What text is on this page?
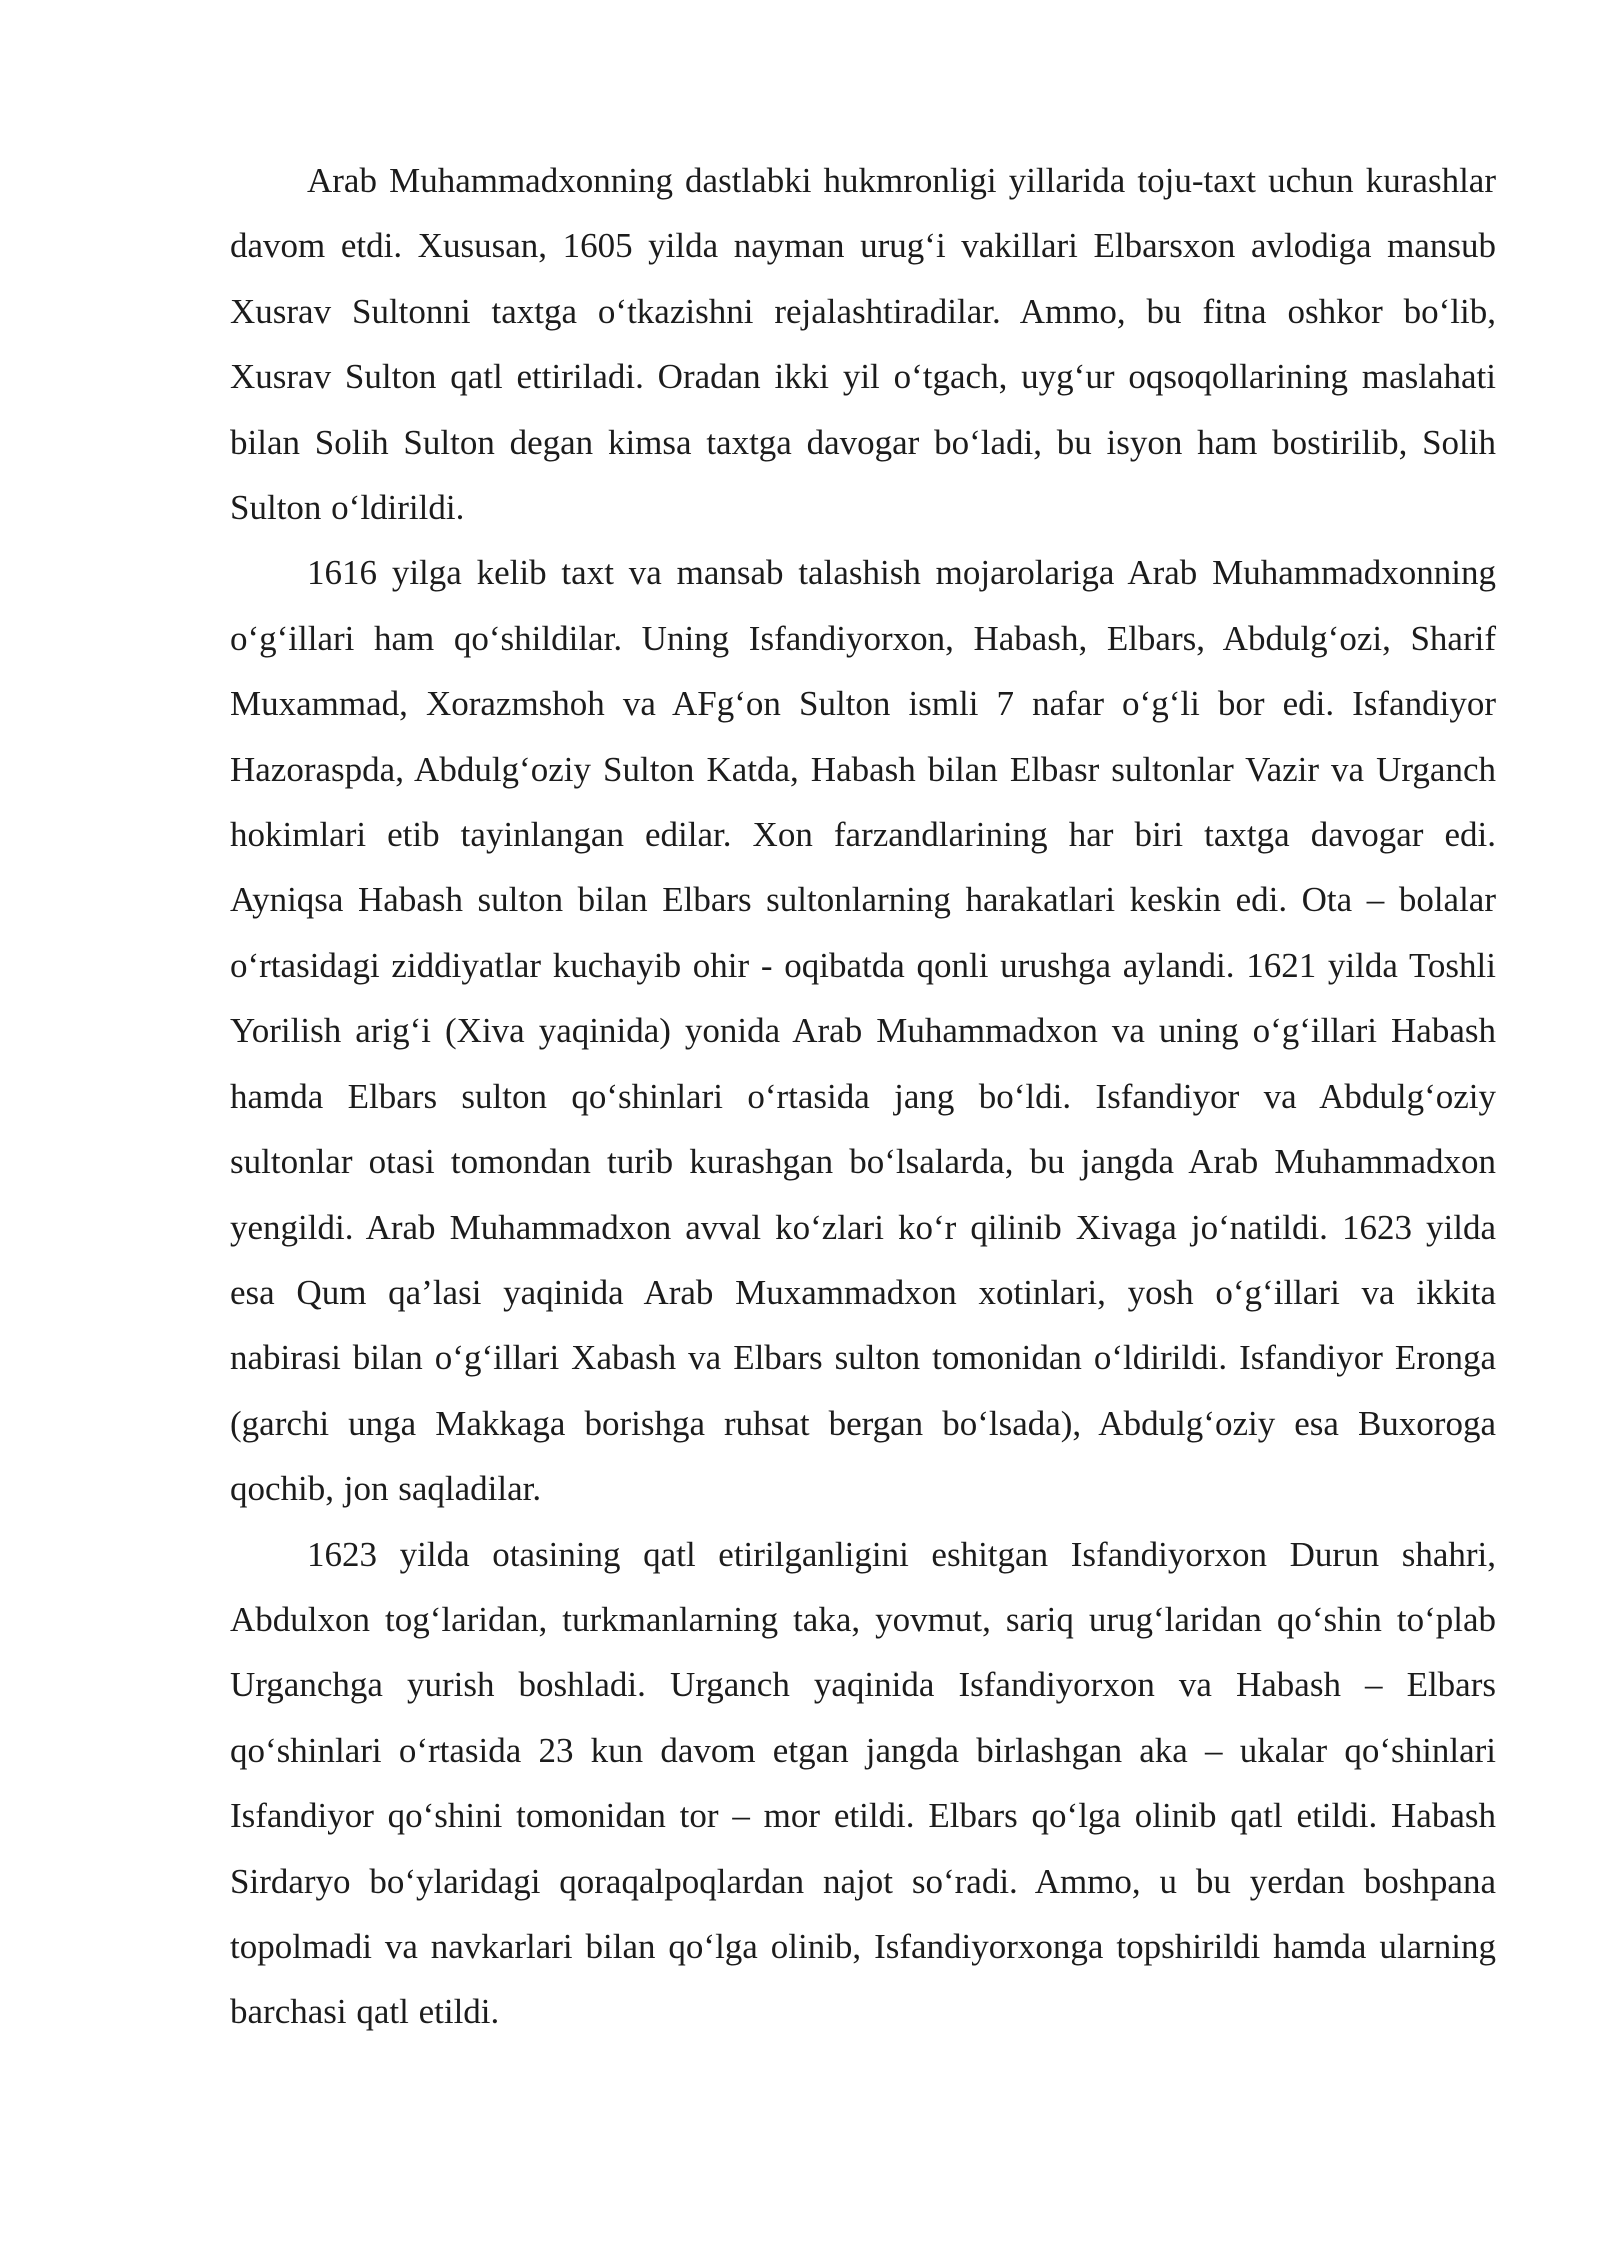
Arab Muhammadxonning dastlabki hukmronligi yillarida toju-taxt uchun kurashlar davom etdi. Xususan, 1605 yilda nayman urug‘i vakillari Elbarsxon avlodiga mansub Xusrav Sultonni taxtga o‘tkazishni rejalashtiradilar. Ammo, bu fitna oshkor bo‘lib, Xusrav Sulton qatl ettiriladi. Oradan ikki yil o‘tgach, uyg‘ur oqsoqollarining maslahati bilan Solih Sulton degan kimsa taxtga davogar bo‘ladi, bu isyon ham bostirilib, Solih Sulton o‘ldirildi.

1616 yilga kelib taxt va mansab talashish mojarolariga Arab Muhammadxonning o‘g‘illari ham qo‘shildilar. Uning Isfandiyorxon, Habash, Elbars, Abdulg‘ozi, Sharif Muxammad, Xorazmshoh va AFg‘on Sulton ismli 7 nafar o‘g‘li bor edi. Isfandiyor Hazoraspda, Abdulg‘oziy Sulton Katda, Habash bilan Elbasr sultonlar Vazir va Urganch hokimlari etib tayinlangan edilar. Xon farzandlarining har biri taxtga davogar edi. Ayniqsa Habash sulton bilan Elbars sultonlarning harakatlari keskin edi. Ota – bolalar o‘rtasidagi ziddiyatlar kuchayib ohir - oqibatda qonli urushga aylandi. 1621 yilda Toshli Yorilish arig‘i (Xiva yaqinida) yonida Arab Muhammadxon va uning o‘g‘illari Habash hamda Elbars sulton qo‘shinlari o‘rtasida jang bo‘ldi. Isfandiyor va Abdulg‘oziy sultonlar otasi tomondan turib kurashgan bo‘lsalarda, bu jangda Arab Muhammadxon yengildi. Arab Muhammadxon avval ko‘zlari ko‘r qilinib Xivaga jo‘natildi. 1623 yilda esa Qum qa’lasi yaqinida Arab Muxammadxon xotinlari, yosh o‘g‘illari va ikkita nabirasi bilan o‘g‘illari Xabash va Elbars sulton tomonidan o‘ldirildi. Isfandiyor Eronga (garchi unga Makkaga borishga ruhsat bergan bo‘lsada), Abdulg‘oziy esa Buxoroga qochib, jon saqladilar.

1623 yilda otasining qatl etirilganligini eshitgan Isfandiyorxon Durun shahri, Abdulxon tog‘laridan, turkmanlarning taka, yovmut, sariq urug‘laridan qo‘shin to‘plab Urganchga yurish boshladi. Urganch yaqinida Isfandiyorxon va Habash – Elbars qo‘shinlari o‘rtasida 23 kun davom etgan jangda birlashgan aka – ukalar qo‘shinlari Isfandiyor qo‘shini tomonidan tor – mor etildi. Elbars qo‘lga olinib qatl etildi. Habash Sirdaryo bo‘ylaridagi qoraqalpoqlardan najot so‘radi. Ammo, u bu yerdan boshpana topolmadi va navkarlari bilan qo‘lga olinib, Isfandiyorxonga topshirildi hamda ularning barchasi qatl etildi.
